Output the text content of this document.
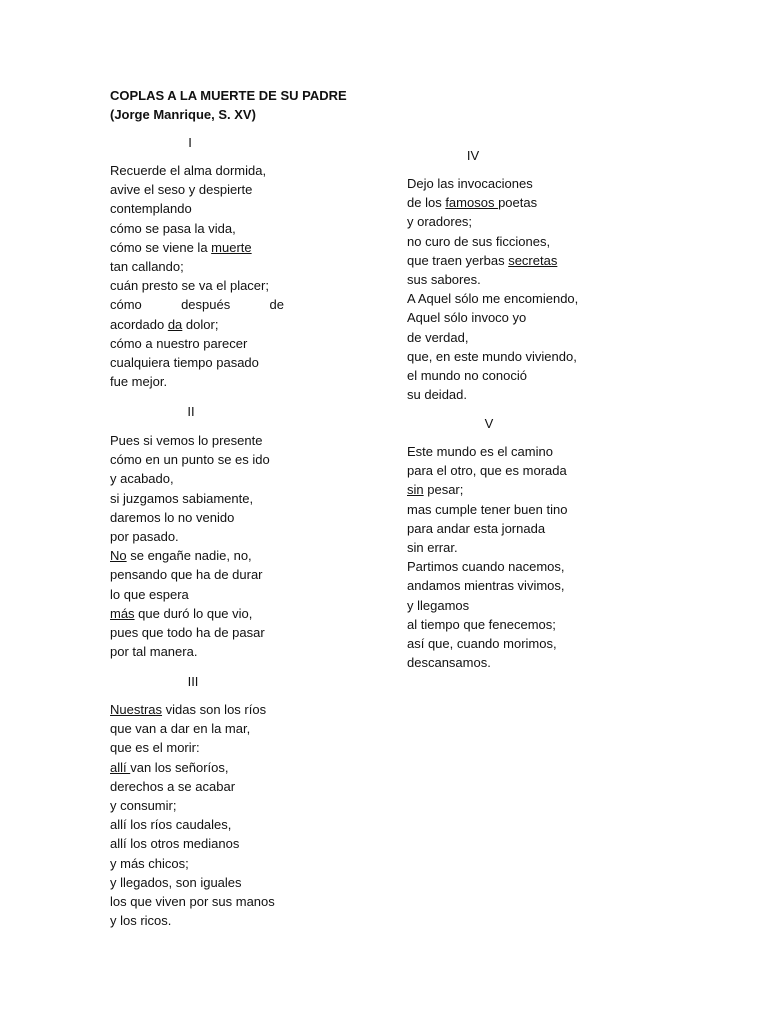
COPLAS A LA MUERTE DE SU PADRE
(Jorge Manrique, S. XV)
I
Recuerde el alma dormida,
avive el seso y despierte
contemplando
cómo se pasa la vida,
cómo se viene la muerte
tan callando;
cuán presto se va el placer;
cómo	después	de
acordado da dolor;
cómo a nuestro parecer
cualquiera tiempo pasado
fue mejor.
II
Pues si vemos lo presente
cómo en un punto se es ido
y acabado,
si juzgamos sabiamente,
daremos lo no venido
por pasado.
No se engañe nadie, no,
pensando que ha de durar
lo que espera
más que duró lo que vio,
pues que todo ha de pasar
por tal manera.
III
Nuestras vidas son los ríos
que van a dar en la mar,
que es el morir:
allí van los señoríos,
derechos a se acabar
y consumir;
allí los ríos caudales,
allí los otros medianos
y más chicos;
y llegados, son iguales
los que viven por sus manos
y los ricos.
IV
Dejo las invocaciones
de los famosos poetas
y oradores;
no curo de sus ficciones,
que traen yerbas secretas
sus sabores.
A Aquel sólo me encomiendo,
Aquel sólo invoco yo
de verdad,
que, en este mundo viviendo,
el mundo no conoció
su deidad.
V
Este mundo es el camino
para el otro, que es morada
sin pesar;
mas cumple tener buen tino
para andar esta jornada
sin errar.
Partimos cuando nacemos,
andamos mientras vivimos,
y llegamos
al tiempo que fenecemos;
así que, cuando morimos,
descansamos.
